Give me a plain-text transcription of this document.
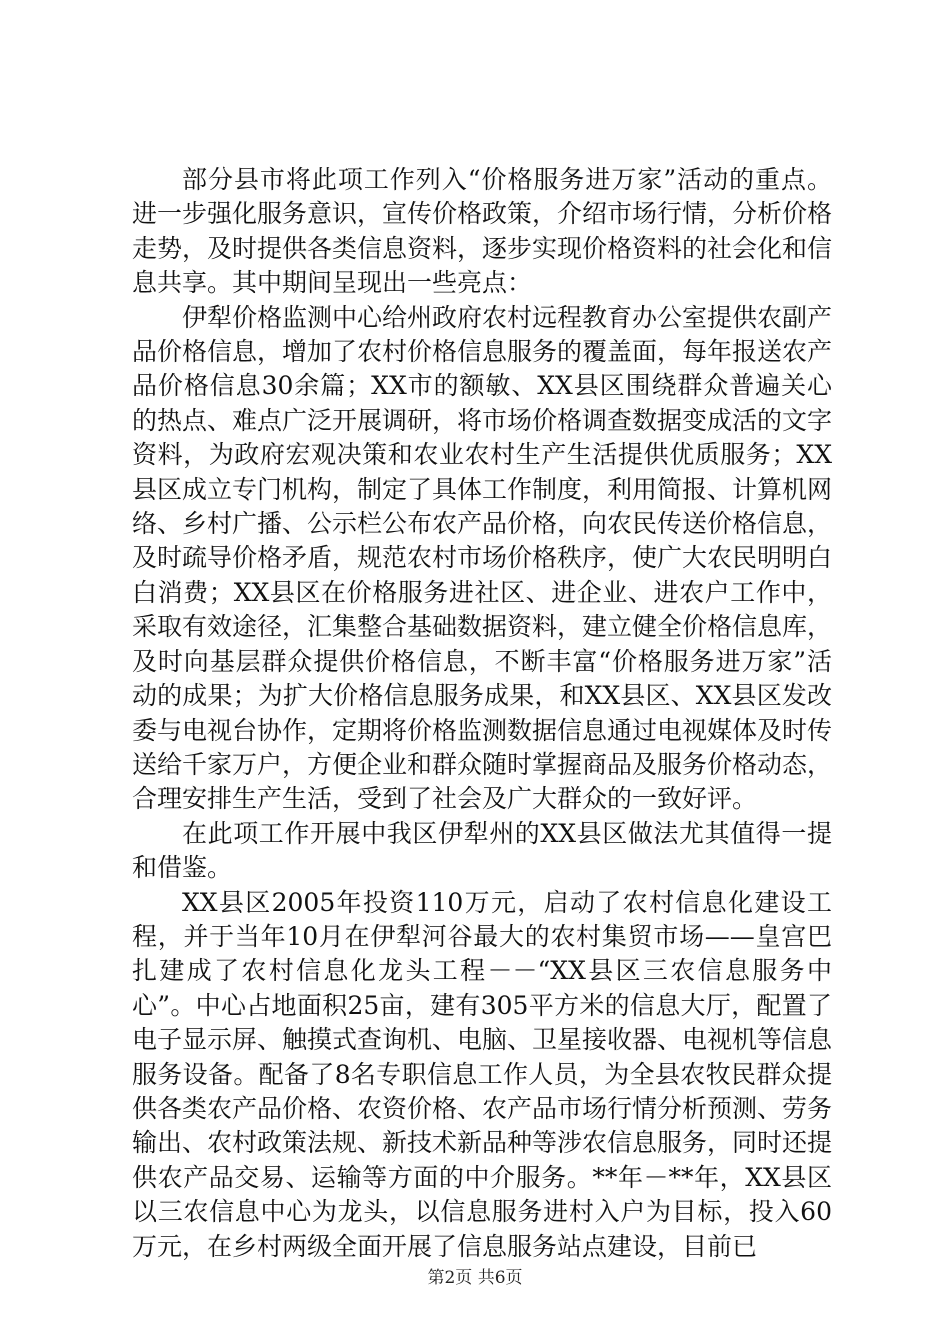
部分县市将此项工作列入“价格服务进万家”活动的重点。进一步强化服务意识，宣传价格政策，介绍市场行情，分析价格走势，及时提供各类信息资料，逐步实现价格资料的社会化和信息共享。其中期间呈现出一些亮点：

伊犁价格监测中心给州政府农村远程教育办公室提供农副产品价格信息，增加了农村价格信息服务的覆盖面，每年报送农产品价格信息30余篇；XX市的额敏、XX县区围绕群众普遍关心的热点、难点广泛开展调研，将市场价格调查数据变成活的文字资料，为政府宏观决策和农业农村生产生活提供优质服务；XX县区成立专门机构，制定了具体工作制度，利用简报、计算机网络、乡村广播、公示栏公布农产品价格，向农民传送价格信息，及时疏导价格矛盾，规范农村市场价格秩序，使广大农民明明白白消费；XX县区在价格服务进社区、进企业、进农户工作中，采取有效途径，汇集整合基础数据资料，建立健全价格信息库，及时向基层群众提供价格信息，不断丰富“价格服务进万家”活动的成果；为扩大价格信息服务成果，和XX县区、XX县区发改委与电视台协作，定期将价格监测数据信息通过电视媒体及时传送给千家万户，方便企业和群众随时掌握商品及服务价格动态，合理安排生产生活，受到了社会及广大群众的一致好评。

在此项工作开展中我区伊犁州的XX县区做法尤其值得一提和借鉴。

XX县区2005年投资110万元，启动了农村信息化建设工程，并于当年10月在伊犁河谷最大的农村集贸市场——皇宫巴扎建成了农村信息化龙头工程－－“XX县区三农信息服务中心”。中心占地面积25亩，建有305平方米的信息大厅，配置了电子显示屏、触摸式查询机、电脑、卫星接收器、电视机等信息服务设备。配备了8名专职信息工作人员，为全县农牧民群众提供各类农产品价格、农资价格、农产品市场行情分析预测、劳务输出、农村政策法规、新技术新品种等涉农信息服务，同时还提供农产品交易、运输等方面的中介服务。**年－**年，XX县区以三农信息中心为龙头，以信息服务进村入户为目标，投入60万元，在乡村两级全面开展了信息服务站点建设，目前已

第2页 共6页
